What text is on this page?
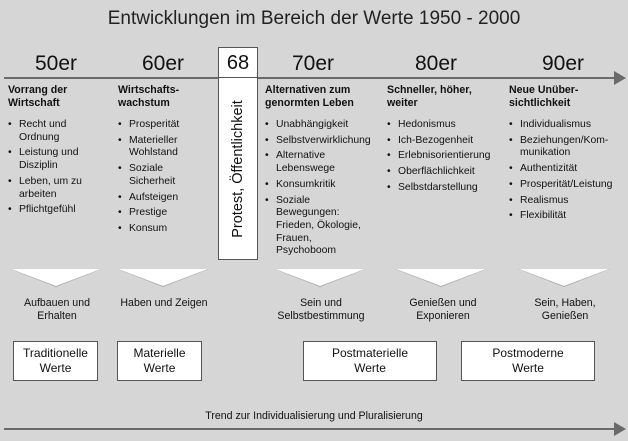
Entwicklungen im Bereich der Werte 1950 - 2000
50er	60er	70er	80er	90er
68
Protest, Öffentlichkeit
Vorrang der
Wirtschaft
• Recht und
Ordnung
• Leistung und
Disziplin
• Leben, um zu
arbeiten
• Pflichtgefühl
Wirtschafts-
wachstum
• Prosperität
• Materieller
Wohlstand
• Soziale
Sicherheit
• Aufsteigen
• Prestige
• Konsum
Alternativen zum
genormten Leben
• Unabhängigkeit
• Selbstverwirklichung
• Alternative
Lebenswege
• Konsumkritik
• Soziale
Bewegungen:
Frieden, Ökologie,
Frauen,
Psychoboom
Schneller, höher,
weiter
• Hedonismus
• Ich-Bezogenheit
• Erlebnisorientierung
• Oberflächlichkeit
• Selbstdarstellung
Neue Unüber-
sichtlichkeit
• Individualismus
• Beziehungen/Kom-
munikation
• Authentizität
• Prosperität/Leistung
• Realismus
• Flexibilität
Aufbauen und
Erhalten
Haben und Zeigen	Sein und
Selbstbestimmung
Genießen und
Exponieren
Sein, Haben,
Genießen
Traditionelle
Werte
Materielle
Werte
Postmaterielle
Werte
Postmoderne
Werte
Trend zur Individualisierung und Pluralisierung
